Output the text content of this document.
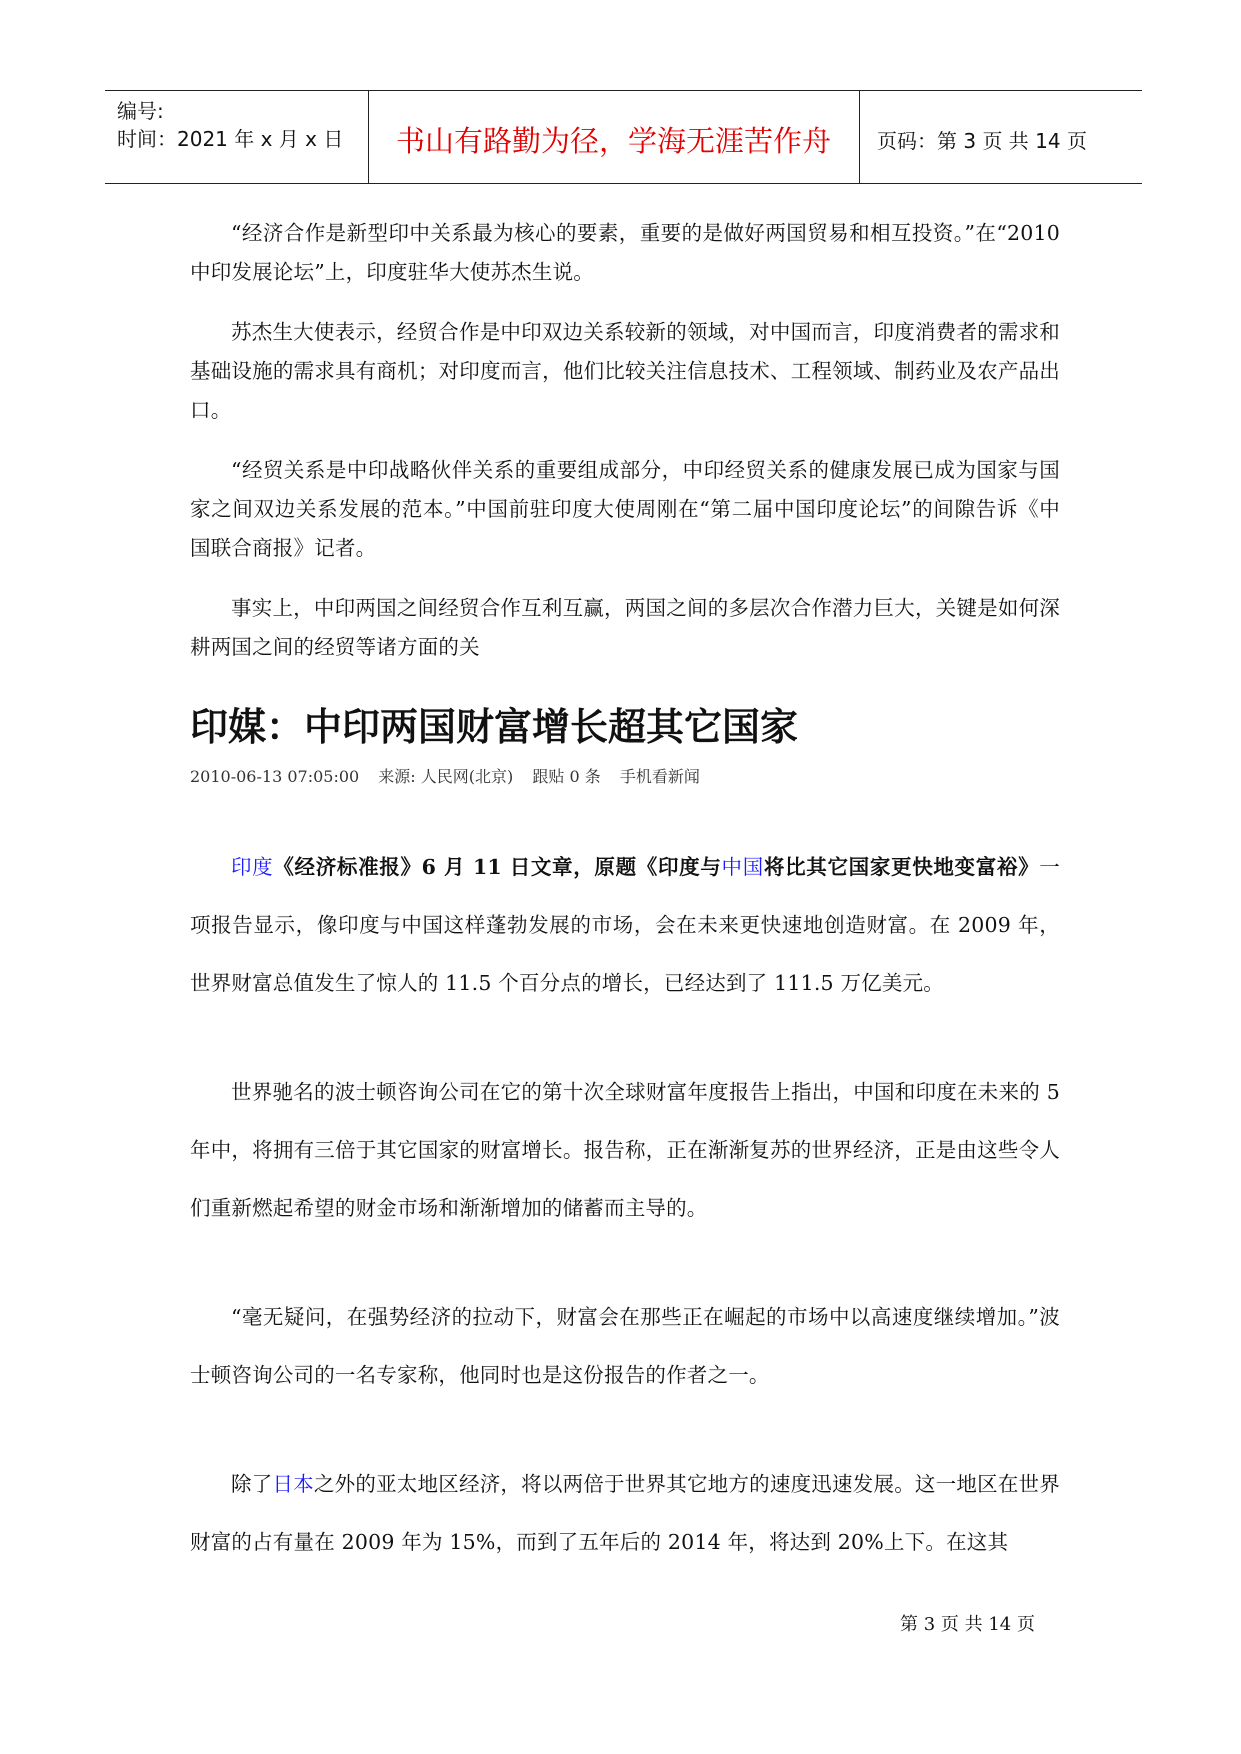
编号:
时间：2021 年 x 月 x 日	书山有路勤为径，学海无涯苦作舟	页码：第 3 页 共 14 页

“经济合作是新型印中关系最为核心的要素，重要的是做好两国贸易和相互投资。”在“2010 中印发展论坛”上，印度驻华大使苏杰生说。

苏杰生大使表示，经贸合作是中印双边关系较新的领域，对中国而言，印度消费者的需求和基础设施的需求具有商机；对印度而言，他们比较关注信息技术、工程领域、制药业及农产品出口。

“经贸关系是中印战略伙伴关系的重要组成部分，中印经贸关系的健康发展已成为国家与国家之间双边关系发展的范本。”中国前驻印度大使周刚在“第二届中国印度论坛”的间隙告诉《中国联合商报》记者。

事实上，中印两国之间经贸合作互利互赢，两国之间的多层次合作潜力巨大，关键是如何深耕两国之间的经贸等诸方面的关

印媒：中印两国财富增长超其它国家
2010-06-13 07:05:00 来源: 人民网(北京) 跟贴 0 条 手机看新闻

印度《经济标准报》6 月 11 日文章，原题《印度与中国将比其它国家更快地变富裕》一项报告显示，像印度与中国这样蓬勃发展的市场，会在未来更快速地创造财富。在 2009 年，世界财富总值发生了惊人的 11.5 个百分点的增长，已经达到了 111.5 万亿美元。

世界驰名的波士顿咨询公司在它的第十次全球财富年度报告上指出，中国和印度在未来的 5 年中，将拥有三倍于其它国家的财富增长。报告称，正在渐渐复苏的世界经济，正是由这些令人们重新燃起希望的财金市场和渐渐增加的储蓄而主导的。

“毫无疑问，在强势经济的拉动下，财富会在那些正在崛起的市场中以高速度继续增加。”波士顿咨询公司的一名专家称，他同时也是这份报告的作者之一。

除了日本之外的亚太地区经济，将以两倍于世界其它地方的速度迅速发展。这一地区在世界财富的占有量在 2009 年为 15%，而到了五年后的 2014 年，将达到 20%上下。在这其

第 3 页 共 14 页
